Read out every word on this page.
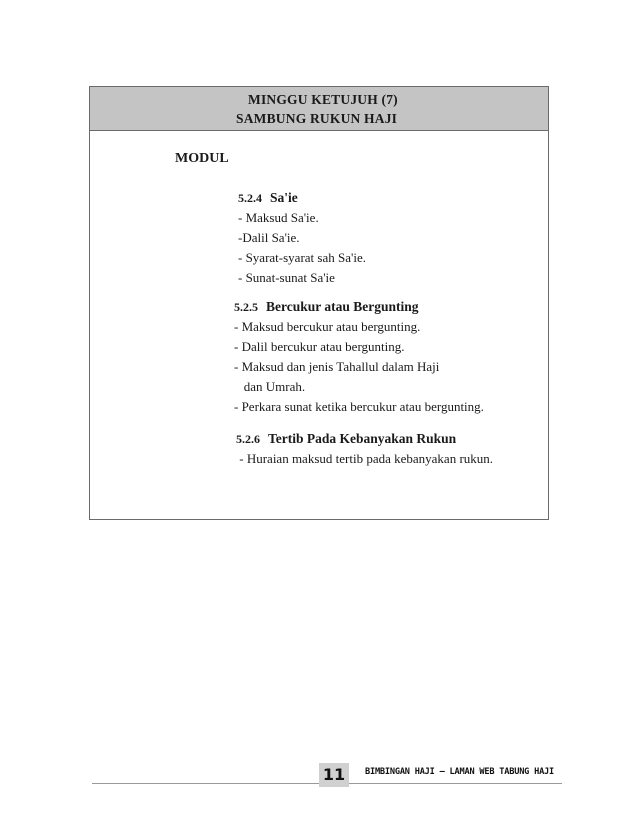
MINGGU KETUJUH (7)
SAMBUNG RUKUN HAJI
MODUL
5.2.4 Sa'ie
- Maksud Sa'ie.
-Dalil Sa'ie.
- Syarat-syarat sah Sa'ie.
- Sunat-sunat Sa'ie
5.2.5 Bercukur atau Bergunting
- Maksud bercukur atau bergunting.
- Dalil bercukur atau bergunting.
- Maksud dan jenis Tahallul dalam Haji
dan Umrah.
- Perkara sunat ketika bercukur atau bergunting.
5.2.6 Tertib Pada Kebanyakan Rukun
- Huraian maksud tertib pada kebanyakan rukun.
11	BIMBINGAN HAJI – LAMAN WEB TABUNG HAJI
